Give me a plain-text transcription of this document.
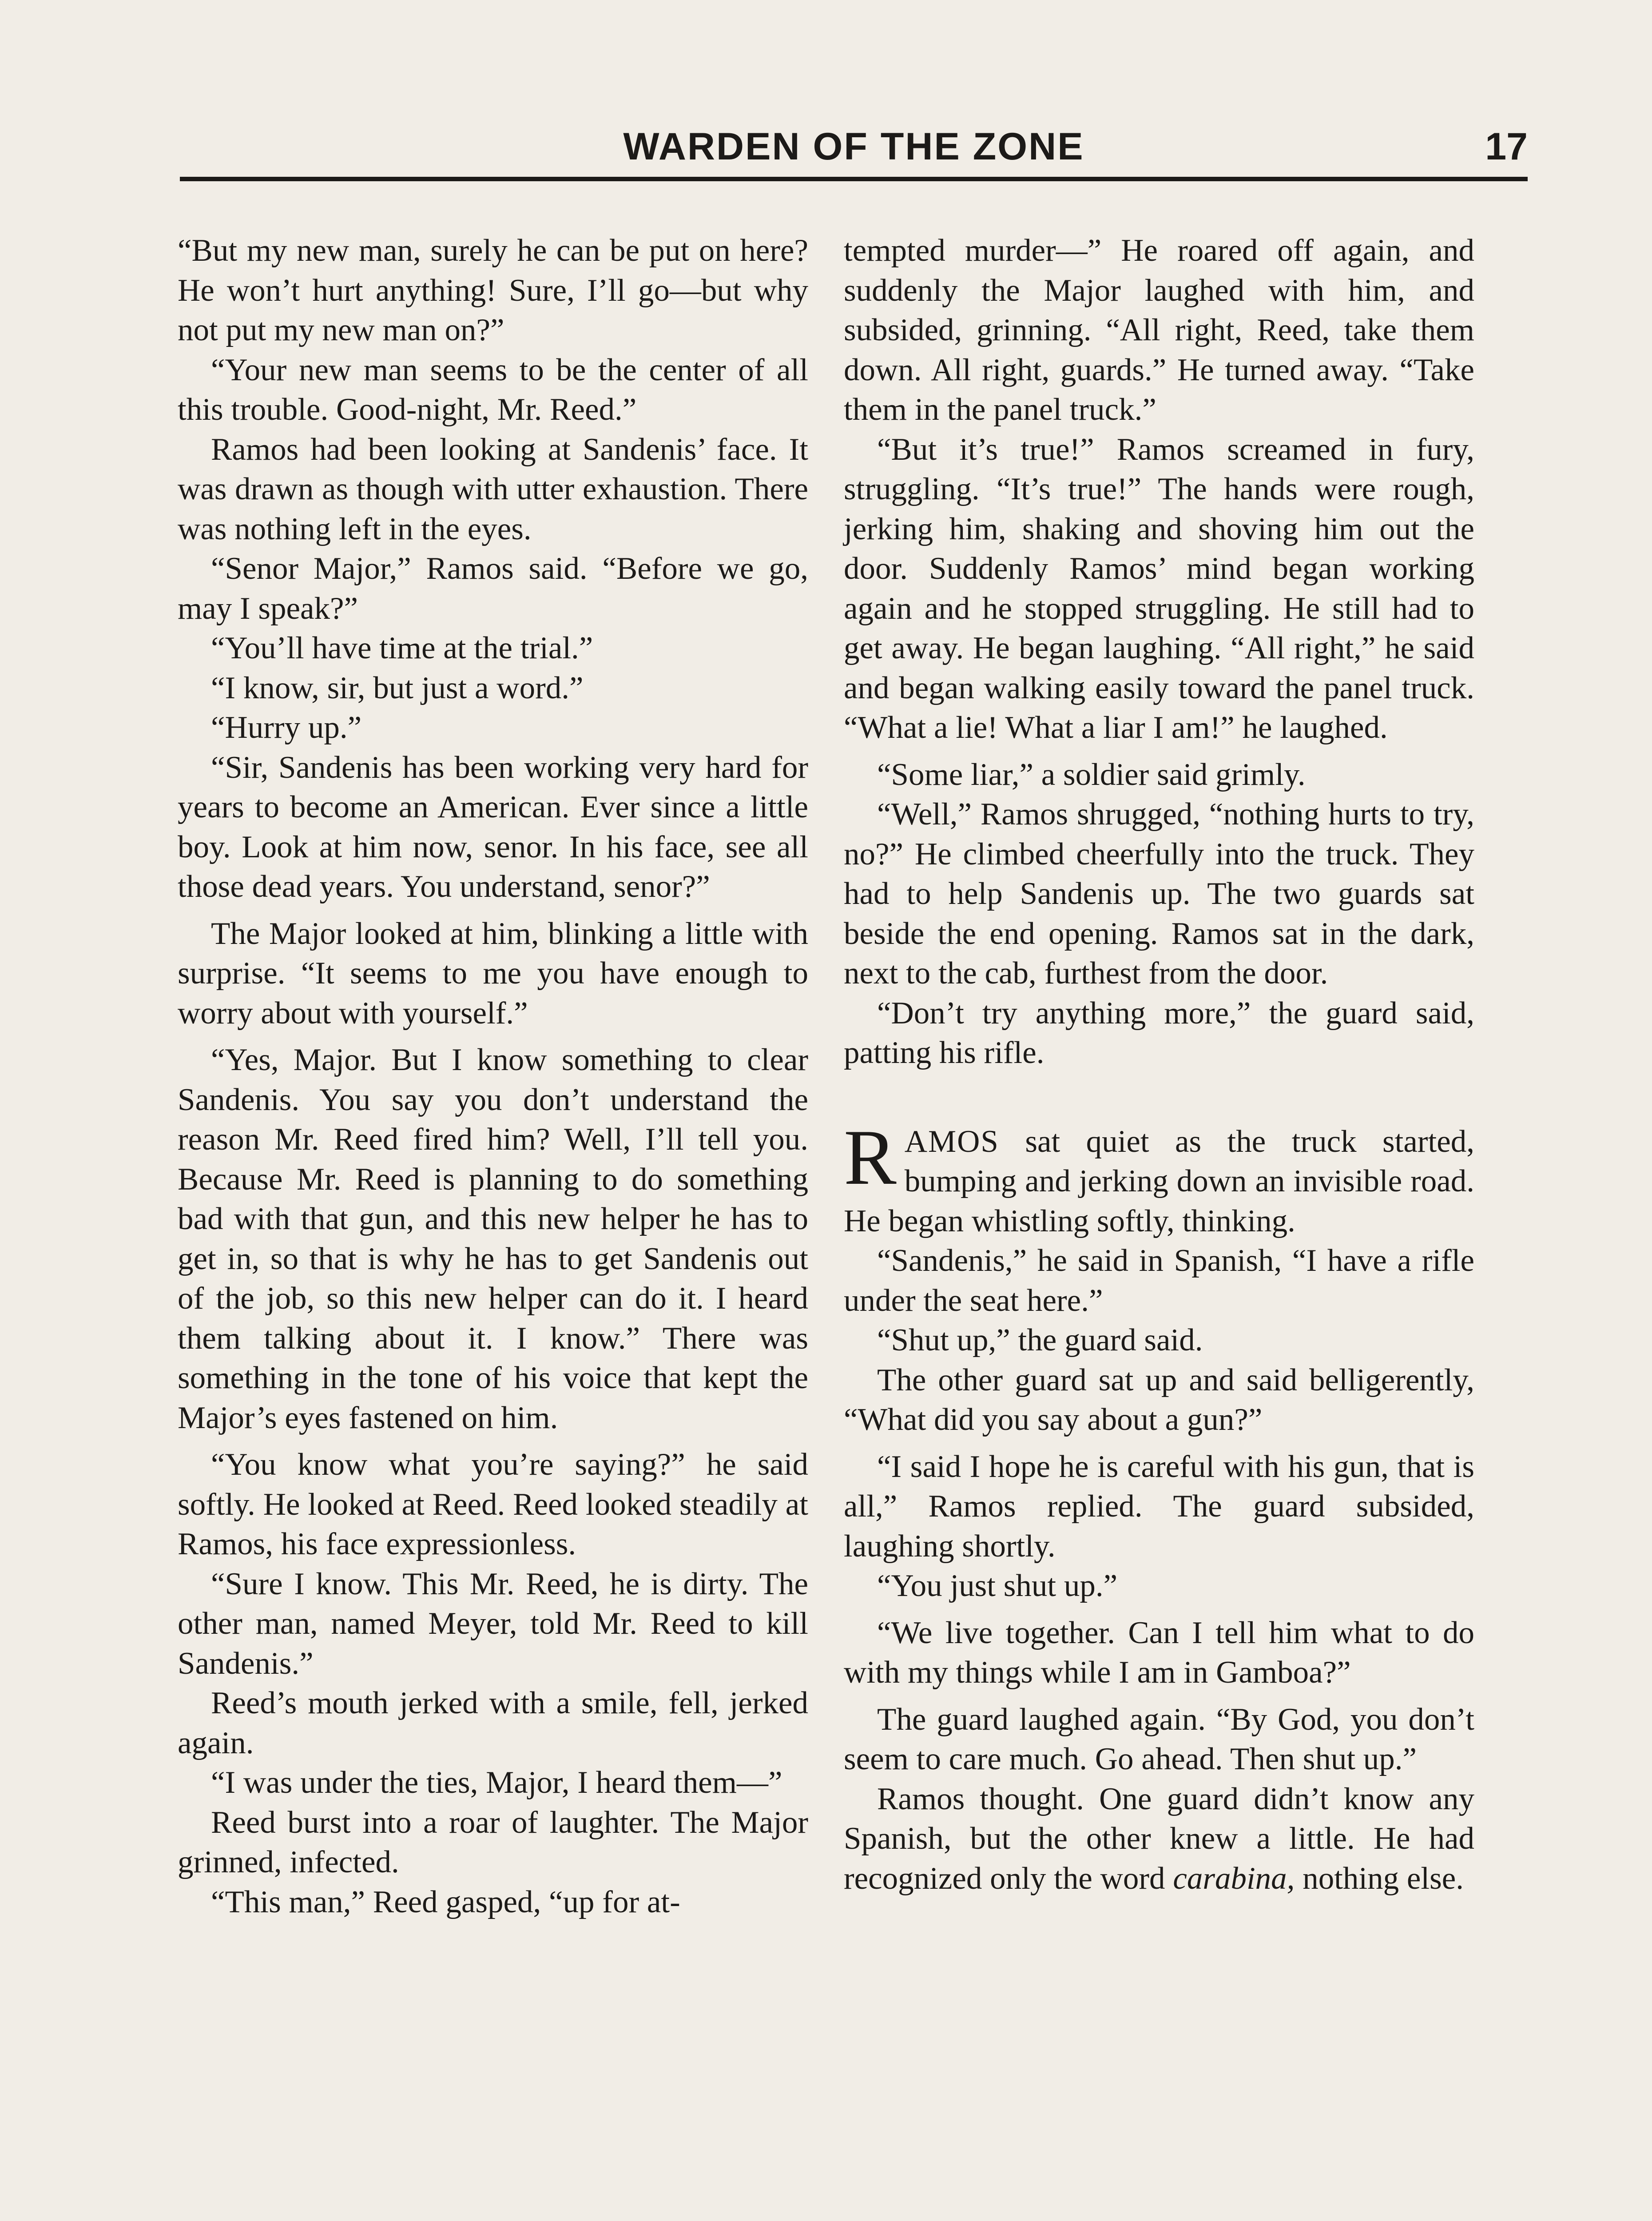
WARDEN OF THE ZONE	17

“But my new man, surely he can be put on here? He won’t hurt anything! Sure, I’ll go—but why not put my new man on?”

“Your new man seems to be the center of all this trouble. Good-night, Mr. Reed.”

Ramos had been looking at Sandenis’ face. It was drawn as though with utter exhaustion. There was nothing left in the eyes.

“Senor Major,” Ramos said. “Before we go, may I speak?”

“You’ll have time at the trial.”

“I know, sir, but just a word.”

“Hurry up.”

“Sir, Sandenis has been working very hard for years to become an American. Ever since a little boy. Look at him now, senor. In his face, see all those dead years. You understand, senor?”

The Major looked at him, blinking a little with surprise. “It seems to me you have enough to worry about with yourself.”

“Yes, Major. But I know something to clear Sandenis. You say you don’t understand the reason Mr. Reed fired him? Well, I’ll tell you. Because Mr. Reed is planning to do something bad with that gun, and this new helper he has to get in, so that is why he has to get Sandenis out of the job, so this new helper can do it. I heard them talking about it. I know.” There was something in the tone of his voice that kept the Major’s eyes fastened on him.

“You know what you’re saying?” he said softly. He looked at Reed. Reed looked steadily at Ramos, his face expressionless.

“Sure I know. This Mr. Reed, he is dirty. The other man, named Meyer, told Mr. Reed to kill Sandenis.”

Reed’s mouth jerked with a smile, fell, jerked again.

“I was under the ties, Major, I heard them—”

Reed burst into a roar of laughter. The Major grinned, infected.

“This man,” Reed gasped, “up for at-

tempted murder—” He roared off again, and suddenly the Major laughed with him, and subsided, grinning. “All right, Reed, take them down. All right, guards.” He turned away. “Take them in the panel truck.”

“But it’s true!” Ramos screamed in fury, struggling. “It’s true!” The hands were rough, jerking him, shaking and shoving him out the door. Suddenly Ramos’ mind began working again and he stopped struggling. He still had to get away. He began laughing. “All right,” he said and began walking easily toward the panel truck. “What a lie! What a liar I am!” he laughed.

“Some liar,” a soldier said grimly.

“Well,” Ramos shrugged, “nothing hurts to try, no?” He climbed cheerfully into the truck. They had to help Sandenis up. The two guards sat beside the end opening. Ramos sat in the dark, next to the cab, furthest from the door.

“Don’t try anything more,” the guard said, patting his rifle.

RAMOS sat quiet as the truck started, bumping and jerking down an invisible road. He began whistling softly, thinking.

“Sandenis,” he said in Spanish, “I have a rifle under the seat here.”

“Shut up,” the guard said.

The other guard sat up and said belligerently, “What did you say about a gun?”

“I said I hope he is careful with his gun, that is all,” Ramos replied. The guard subsided, laughing shortly.

“You just shut up.”

“We live together. Can I tell him what to do with my things while I am in Gamboa?”

The guard laughed again. “By God, you don’t seem to care much. Go ahead. Then shut up.”

Ramos thought. One guard didn’t know any Spanish, but the other knew a little. He had recognized only the word carabina, nothing else.
